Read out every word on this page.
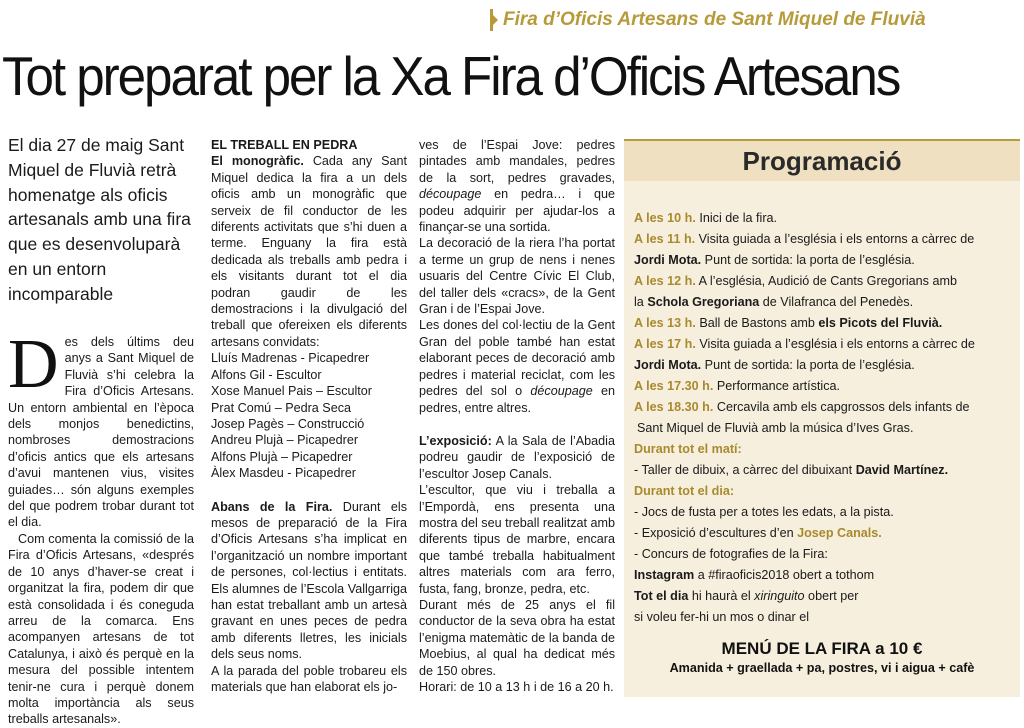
Fira d’Oficis Artesans de Sant Miquel de Fluvià
Tot preparat per la Xa Fira d’Oficis Artesans
El dia 27 de maig Sant Miquel de Fluvià retrà homenatge als oficis artesanals amb una fira que es desenvoluparà en un entorn incomparable
D es dels últims deu anys a Sant Miquel de Fluvià s’hi celebra la Fira d’Oficis Artesans. Un entorn ambiental en l’època dels monjos benedictins, nombroses demostracions d’oficis antics que els artesans d’avui mantenen vius, visites guiades… són alguns exemples del que podrem trobar durant tot el dia.

Com comenta la comissió de la Fira d’Oficis Artesans, «després de 10 anys d’haver-se creat i organitzat la fira, podem dir que està consolidada i és coneguda arreu de la comarca. Ens acompanyen artesans de tot Catalunya, i això és perquè en la mesura del possible intentem tenir-ne cura i perquè donem molta importància als seus treballs artesanals».

EL TREBALL EN PEDRA

El monogràfic. Cada any Sant Miquel dedica la fira a un dels oficis amb un monogràfic que serveix de fil conductor de les diferents activitats que s’hi duen a terme. Enguany la fira està dedicada als treballs amb pedra i els visitants durant tot el dia podran gaudir de les demostracions i la divulgació del treball que ofereixen els diferents artesans convidats:

Lluís Madrenas - Picapedrer

Alfons Gil - Escultor

Xose Manuel Pais – Escultor

Prat Comú – Pedra Seca

Josep Pagès – Construcció

Andreu Plujà – Picapedrer

Alfons Plujà – Picapedrer

Àlex Masdeu - Picapedrer

Abans de la Fira. Durant els mesos de preparació de la Fira d’Oficis Artesans s’ha implicat en l’organització un nombre important de persones, col·lectius i entitats. Els alumnes de l’Escola Vallgarriga han estat treballant amb un artesà gravant en unes peces de pedra amb diferents lletres, les inicials dels seus noms.

A la parada del poble trobareu els materials que han elaborat els jo-

ves de l’Espai Jove: pedres pintades amb mandales, pedres de la sort, pedres gravades, découpage en pedra… i que podeu adquirir per ajudar-los a finançar-se una sortida.

La decoració de la riera l’ha portat a terme un grup de nens i nenes usuaris del Centre Cívic El Club, del taller dels «cracs», de la Gent Gran i de l’Espai Jove.

Les dones del col·lectiu de la Gent Gran del poble també han estat elaborant peces de decoració amb pedres i material reciclat, com les pedres del sol o découpage en pedres, entre altres.

L’exposició: A la Sala de l’Abadia podreu gaudir de l’exposició de l’escultor Josep Canals.

L’escultor, que viu i treballa a l’Empordà, ens presenta una mostra del seu treball realitzat amb diferents tipus de marbre, encara que també treballa habitualment altres materials com ara ferro, fusta, fang, bronze, pedra, etc.

Durant més de 25 anys el fil conductor de la seva obra ha estat l’enigma matemàtic de la banda de Moebius, al qual ha dedicat més de 150 obres.

Horari: de 10 a 13 h i de 16 a 20 h.

Programació
A les 10 h. Inici de la fira.
A les 11 h. Visita guiada a l’església i els entorns a càrrec de
Jordi Mota. Punt de sortida: la porta de l’església.
A les 12 h. A l’església, Audició de Cants Gregorians amb
la Schola Gregoriana de Vilafranca del Penedès.
A les 13 h. Ball de Bastons amb els Picots del Fluvià.
A les 17 h. Visita guiada a l’església i els entorns a càrrec de
Jordi Mota. Punt de sortida: la porta de l’església.
A les 17.30 h. Performance artística.
A les 18.30 h. Cercavila amb els capgrossos dels infants de
Sant Miquel de Fluvià amb la música d’Ives Gras.
Durant tot el matí:
- Taller de dibuix, a càrrec del dibuixant David Martínez.
Durant tot el dia:
- Jocs de fusta per a totes les edats, a la pista.
- Exposició d’escultures d’en Josep Canals.
- Concurs de fotografies de la Fira:
Instagram a #firaoficis2018 obert a tothom
Tot el dia hi haurà el xiringuito obert per
si voleu fer-hi un mos o dinar el
MENÚ DE LA FIRA a 10 €
Amanida + graellada + pa, postres, vi i aigua + cafè
